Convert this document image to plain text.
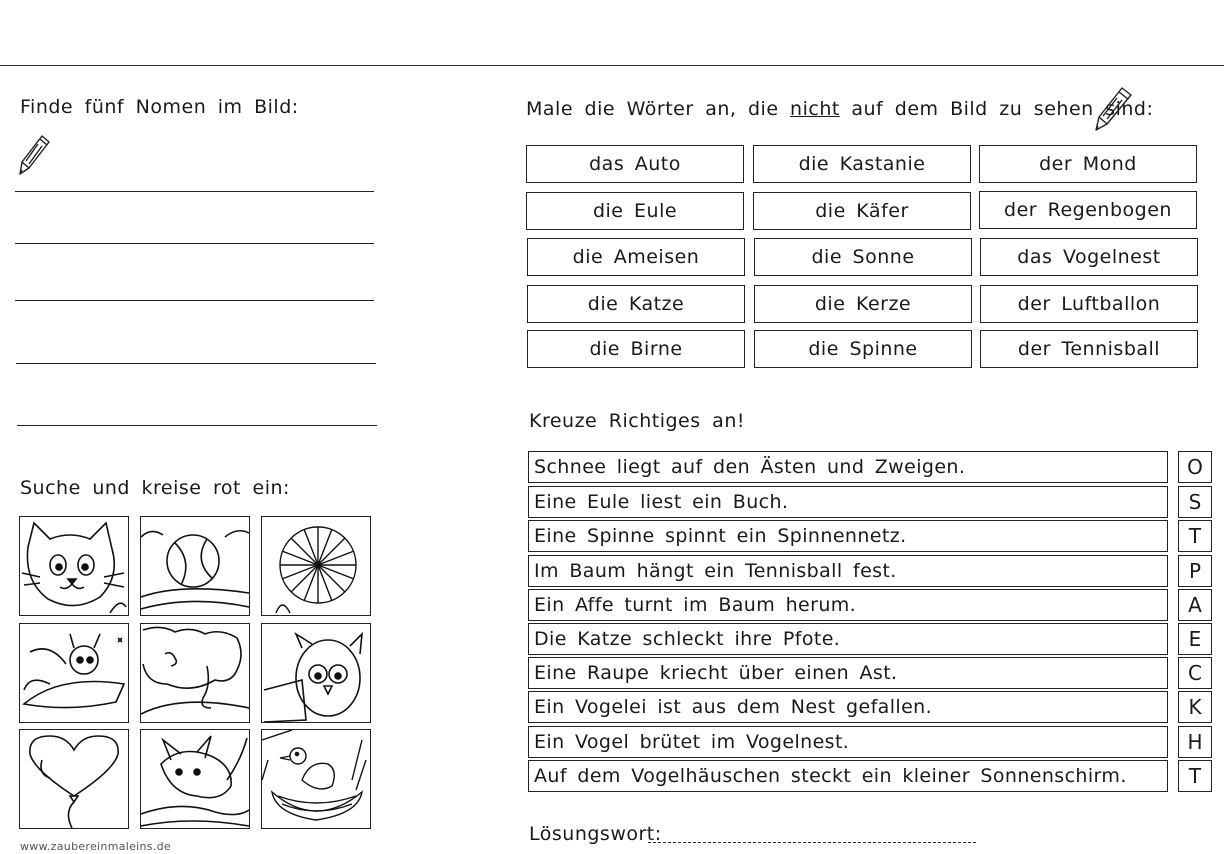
Finde fünf Nomen im Bild:
Suche und kreise rot ein:
www.zaubereinmaleins.de
Male die Wörter an, die nicht auf dem Bild zu sehen sind:
das Auto	die Kastanie	der Mond
die Eule	die Käfer	der Regenbogen
die Ameisen	die Sonne	das Vogelnest
die Katze	die Kerze	der Luftballon
die Birne	die Spinne	der Tennisball
Kreuze Richtiges an!
Schnee liegt auf den Ästen und Zweigen.	O
Eine Eule liest ein Buch.	S
Eine Spinne spinnt ein Spinnennetz.	T
Im Baum hängt ein Tennisball fest.	P
Ein Affe turnt im Baum herum.	A
Die Katze schleckt ihre Pfote.	E
Eine Raupe kriecht über einen Ast.	C
Ein Vogelei ist aus dem Nest gefallen.	K
Ein Vogel brütet im Vogelnest.	H
Auf dem Vogelhäuschen steckt ein kleiner Sonnenschirm.	T
Lösungswort:
